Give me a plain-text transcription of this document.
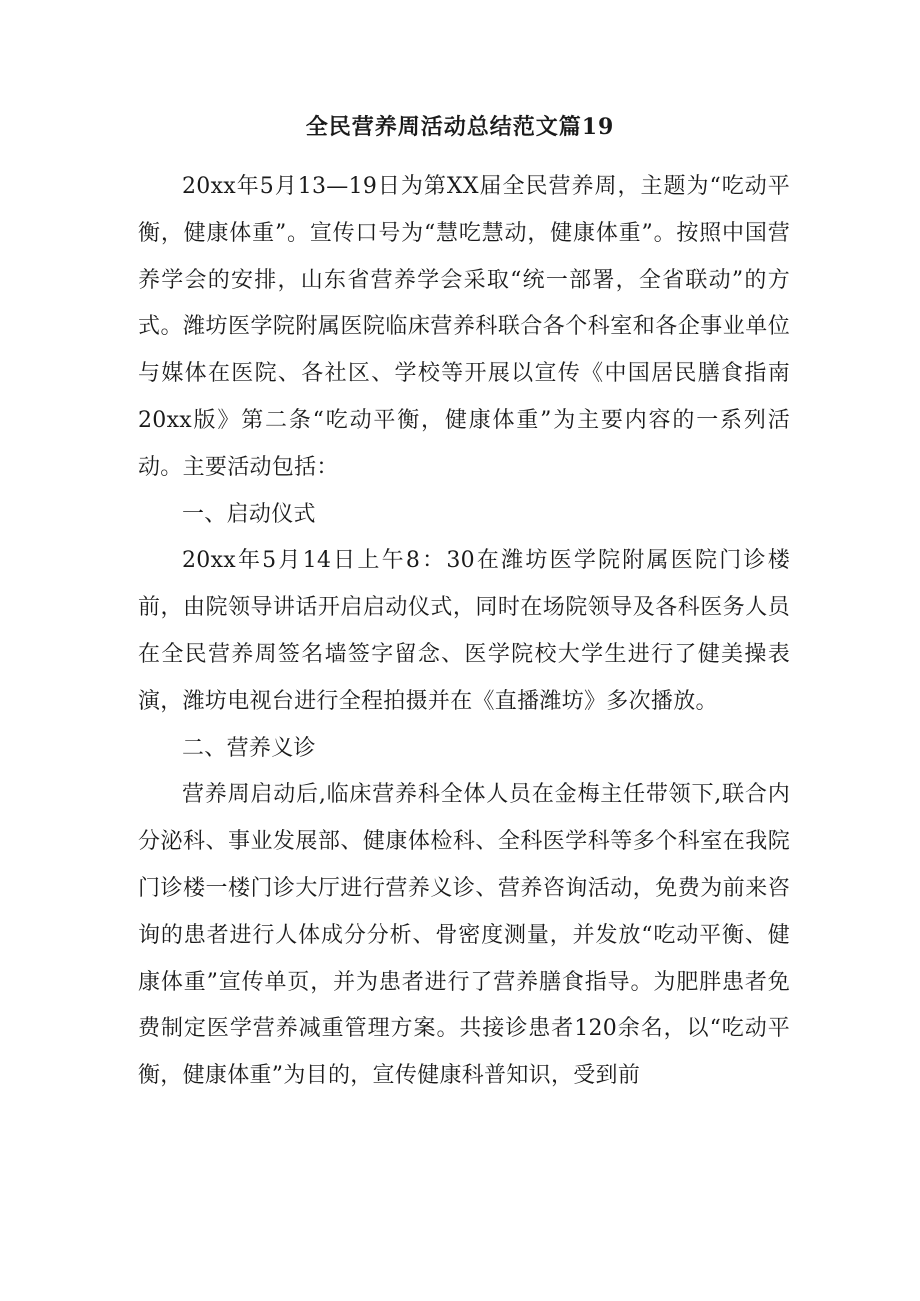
全民营养周活动总结范文篇19

20xx年5月13—19日为第XX届全民营养周，主题为“吃动平衡，健康体重”。宣传口号为“慧吃慧动，健康体重”。按照中国营养学会的安排，山东省营养学会采取“统一部署，全省联动”的方式。潍坊医学院附属医院临床营养科联合各个科室和各企事业单位与媒体在医院、各社区、学校等开展以宣传《中国居民膳食指南20xx版》第二条“吃动平衡，健康体重”为主要内容的一系列活动。主要活动包括：

一、启动仪式

20xx年5月14日上午8：30在潍坊医学院附属医院门诊楼前，由院领导讲话开启启动仪式，同时在场院领导及各科医务人员在全民营养周签名墙签字留念、医学院校大学生进行了健美操表演，潍坊电视台进行全程拍摄并在《直播潍坊》多次播放。

二、营养义诊

营养周启动后,临床营养科全体人员在金梅主任带领下,联合内分泌科、事业发展部、健康体检科、全科医学科等多个科室在我院门诊楼一楼门诊大厅进行营养义诊、营养咨询活动，免费为前来咨询的患者进行人体成分分析、骨密度测量，并发放“吃动平衡、健康体重”宣传单页，并为患者进行了营养膳食指导。为肥胖患者免费制定医学营养减重管理方案。共接诊患者120余名，以“吃动平衡，健康体重”为目的，宣传健康科普知识，受到前
